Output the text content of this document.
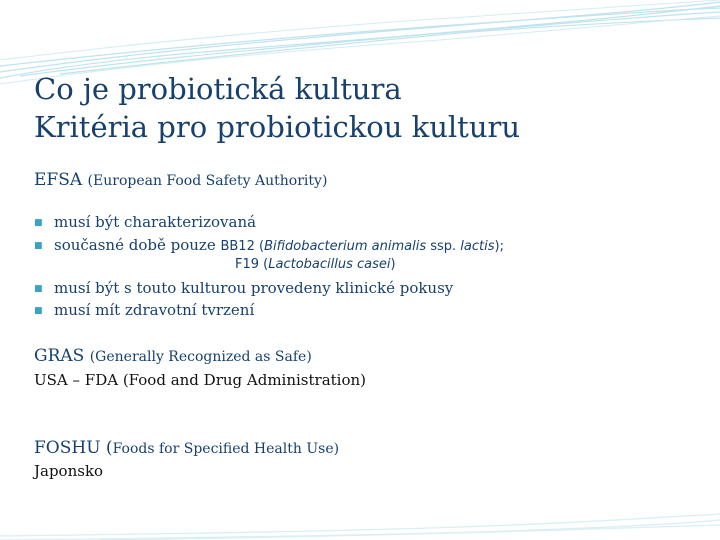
Co je probiotická kultura
Kritéria pro probiotickou kulturu
EFSA (European Food Safety Authority)
■ musí být charakterizovaná
■ současné době pouze BB12 (Bifidobacterium animalis ssp. lactis);
F19 (Lactobacillus casei)
■ musí být s touto kulturou provedeny klinické pokusy
■ musí mít zdravotní tvrzení
GRAS (Generally Recognized as Safe)
USA – FDA (Food and Drug Administration)
FOSHU (Foods for Specified Health Use)
Japonsko
